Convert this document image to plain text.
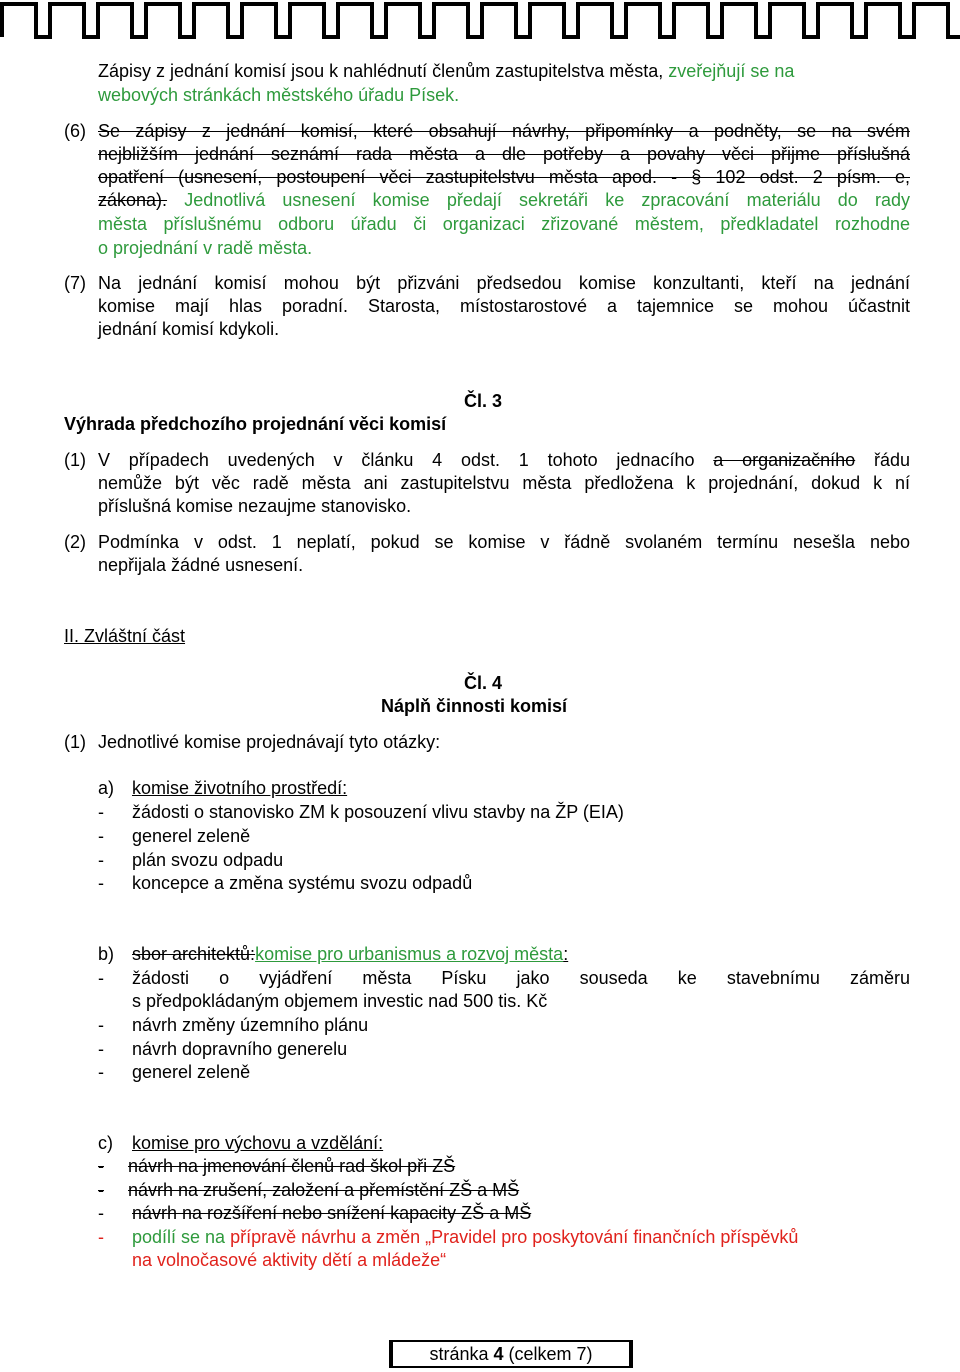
Zápisy z jednání komisí jsou k nahlédnutí členům zastupitelstva města, zveřejňují se na
webových stránkách městského úřadu Písek.
(6) Se zápisy z jednání komisí, které obsahují návrhy, připomínky a podněty, se na svém
nejbližším jednání seznámí rada města a dle potřeby a povahy věci přijme příslušná
opatření (usnesení, postoupení věci zastupitelstvu města apod. - § 102 odst. 2 písm. e,
zákona). Jednotlivá usnesení komise předají sekretáři ke zpracování materiálu do rady
města příslušnému odboru úřadu či organizaci zřizované městem, předkladatel rozhodne
o projednání v radě města.
(7) Na jednání komisí mohou být přizváni předsedou komise konzultanti, kteří na jednání
komise mají hlas poradní. Starosta, místostarostové a tajemnice se mohou účastnit
jednání komisí kdykoli.
Čl. 3
Výhrada předchozího projednání věci komisí
(1) V případech uvedených v článku 4 odst. 1 tohoto jednacího a organizačního řádu
nemůže být věc radě města ani zastupitelstvu města předložena k projednání, dokud k ní
příslušná komise nezaujme stanovisko.
(2) Podmínka v odst. 1 neplatí, pokud se komise v řádně svolaném termínu nesešla nebo
nepřijala žádné usnesení.
II. Zvláštní část
Čl. 4
Náplň činnosti komisí
(1) Jednotlivé komise projednávají tyto otázky:
a) komise životního prostředí:
- žádosti o stanovisko ZM k posouzení vlivu stavby na ŽP (EIA)
- generel zeleně
- plán svozu odpadu
- koncepce a změna systému svozu odpadů
b) sbor architektů:komise pro urbanismus a rozvoj města:
- žádosti o vyjádření města Písku jako souseda ke stavebnímu záměru
s předpokládaným objemem investic nad 500 tis. Kč
- návrh změny územního plánu
- návrh dopravního generelu
- generel zeleně
c) komise pro výchovu a vzdělání:
- návrh na jmenování členů rad škol při ZŠ
- návrh na zrušení, založení a přemístění ZŠ a MŠ
- návrh na rozšíření nebo snížení kapacity ZŠ a MŠ
- podílí se na přípravě návrhu a změn „Pravidel pro poskytování finančních příspěvků
na volnočasové aktivity dětí a mládeže“
stránka 4 (celkem 7)
